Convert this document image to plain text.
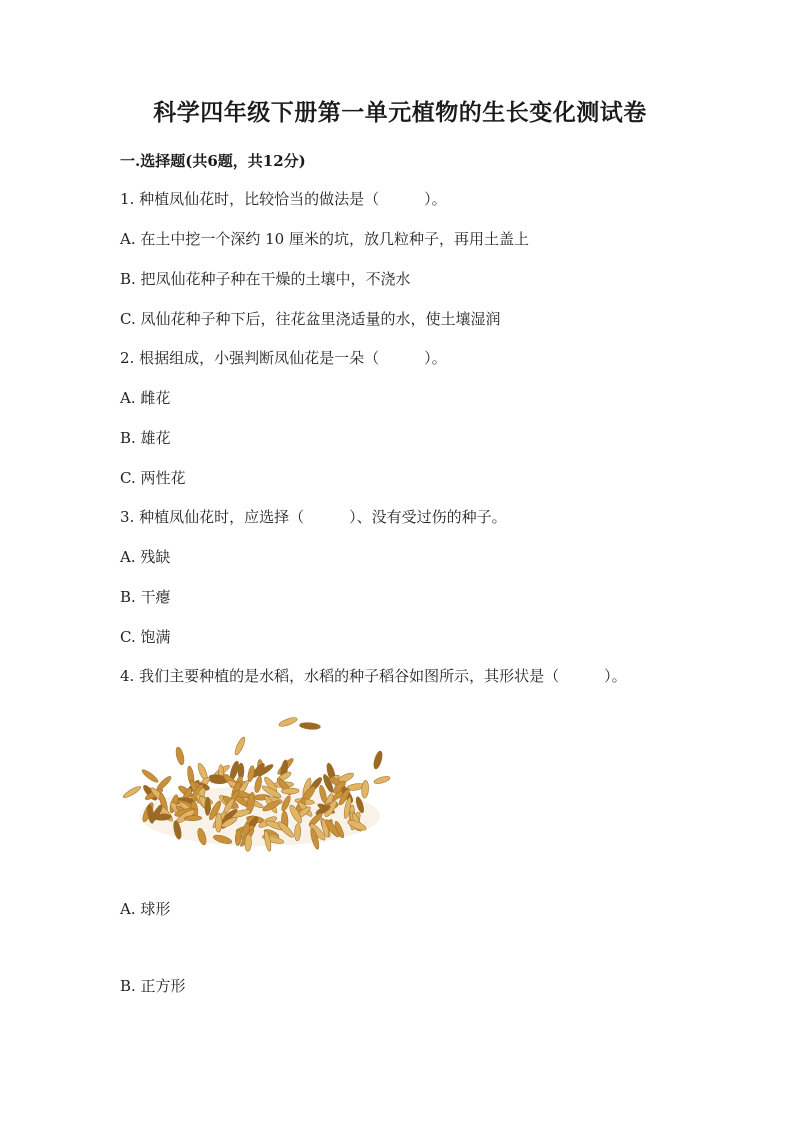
科学四年级下册第一单元植物的生长变化测试卷
一.选择题(共6题，共12分)
1. 种植凤仙花时，比较恰当的做法是（　　　）。
A. 在土中挖一个深约 10 厘米的坑，放几粒种子，再用土盖上
B. 把凤仙花种子种在干燥的土壤中，不浇水
C. 凤仙花种子种下后，往花盆里浇适量的水，使土壤湿润
2. 根据组成，小强判断凤仙花是一朵（　　　）。
A. 雌花
B. 雄花
C. 两性花
3. 种植凤仙花时，应选择（　　　）、没有受过伤的种子。
A. 残缺
B. 干瘪
C. 饱满
4. 我们主要种植的是水稻，水稻的种子稻谷如图所示，其形状是（　　　）。
A. 球形
B. 正方形
